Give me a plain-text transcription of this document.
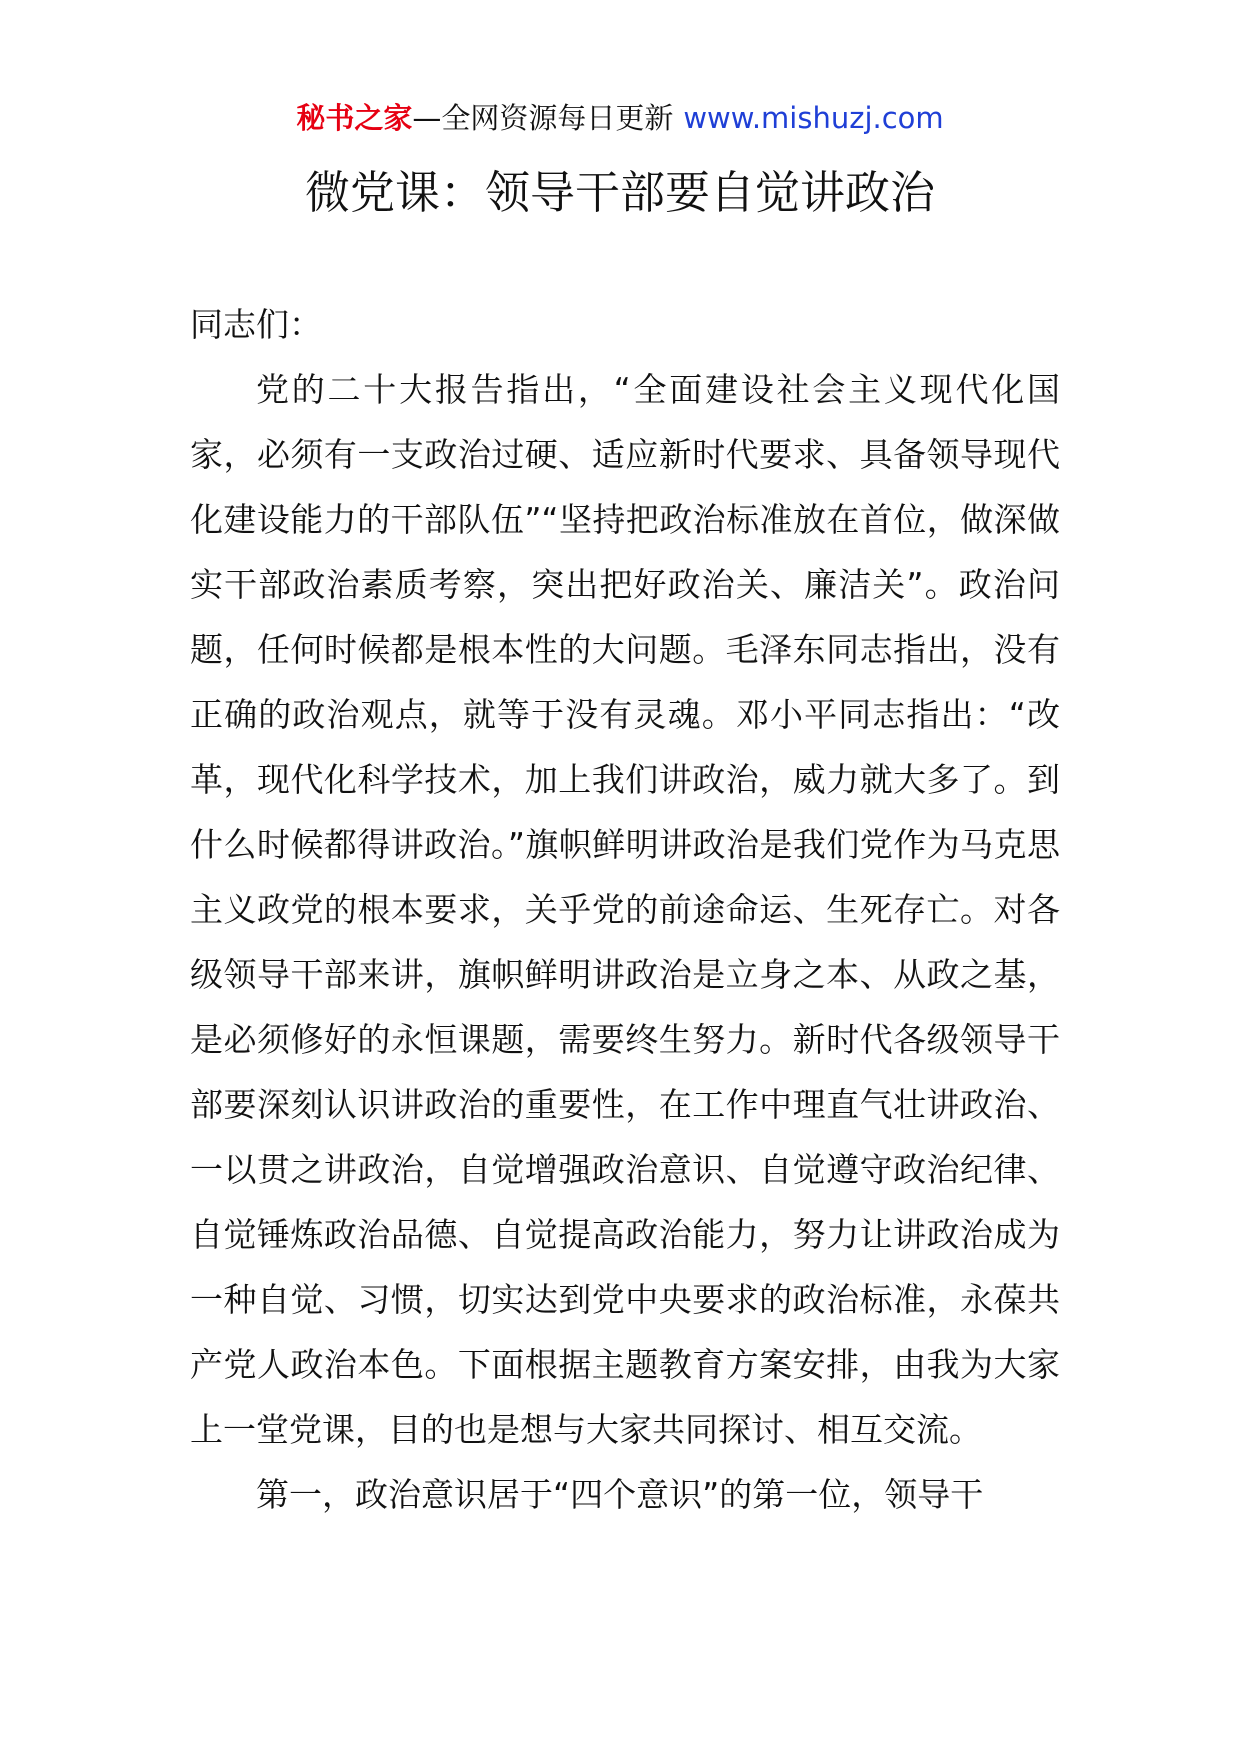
秘书之家—全网资源每日更新 www.mishuzj.com
微党课：领导干部要自觉讲政治

同志们：

党的二十大报告指出，“全面建设社会主义现代化国家，必须有一支政治过硬、适应新时代要求、具备领导现代化建设能力的干部队伍”“坚持把政治标准放在首位，做深做实干部政治素质考察，突出把好政治关、廉洁关”。政治问题，任何时候都是根本性的大问题。毛泽东同志指出，没有正确的政治观点，就等于没有灵魂。邓小平同志指出：“改革，现代化科学技术，加上我们讲政治，威力就大多了。到什么时候都得讲政治。”旗帜鲜明讲政治是我们党作为马克思主义政党的根本要求，关乎党的前途命运、生死存亡。对各级领导干部来讲，旗帜鲜明讲政治是立身之本、从政之基，是必须修好的永恒课题，需要终生努力。新时代各级领导干部要深刻认识讲政治的重要性，在工作中理直气壮讲政治、一以贯之讲政治，自觉增强政治意识、自觉遵守政治纪律、自觉锤炼政治品德、自觉提高政治能力，努力让讲政治成为一种自觉、习惯，切实达到党中央要求的政治标准，永葆共产党人政治本色。下面根据主题教育方案安排，由我为大家上一堂党课，目的也是想与大家共同探讨、相互交流。

第一，政治意识居于“四个意识”的第一位，领导干
